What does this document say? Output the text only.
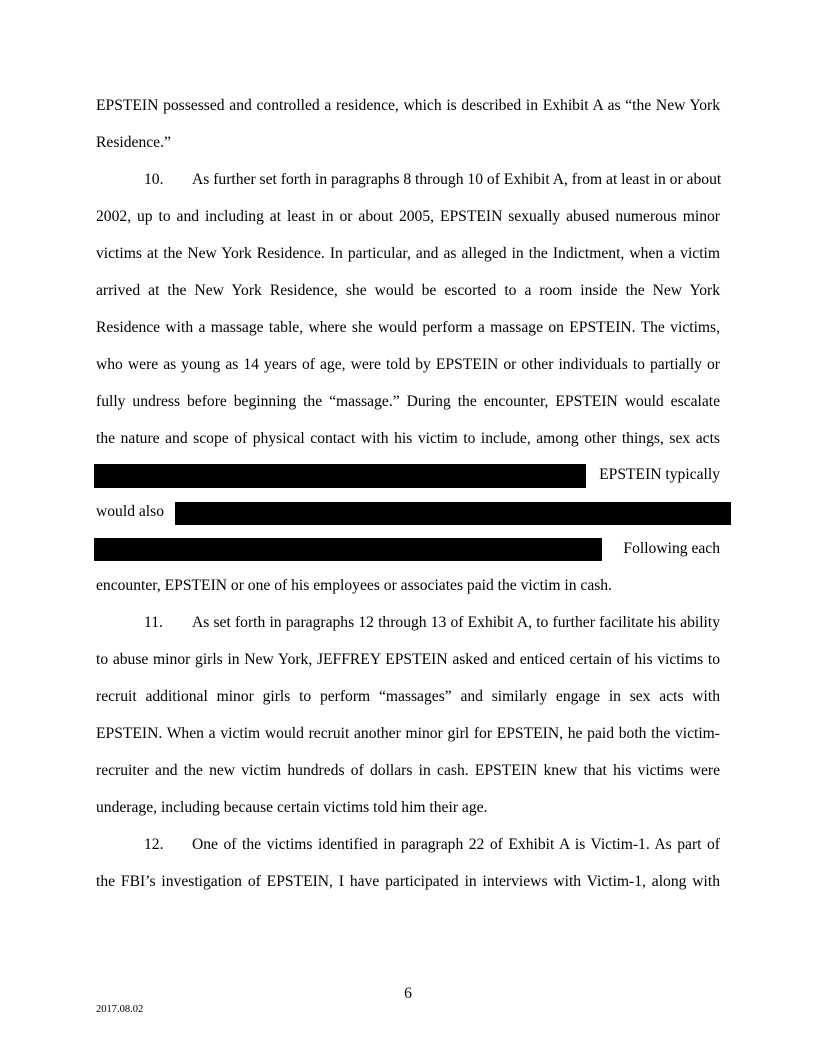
EPSTEIN possessed and controlled a residence, which is described in Exhibit A as “the New York
Residence.”
10.	As further set forth in paragraphs 8 through 10 of Exhibit A, from at least in or about
2002, up to and including at least in or about 2005, EPSTEIN sexually abused numerous minor
victims at the New York Residence. In particular, and as alleged in the Indictment, when a victim
arrived at the New York Residence, she would be escorted to a room inside the New York
Residence with a massage table, where she would perform a massage on EPSTEIN. The victims,
who were as young as 14 years of age, were told by EPSTEIN or other individuals to partially or
fully undress before beginning the “massage.” During the encounter, EPSTEIN would escalate
the nature and scope of physical contact with his victim to include, among other things, sex acts
EPSTEIN typically
would also
Following each
encounter, EPSTEIN or one of his employees or associates paid the victim in cash.
11.	As set forth in paragraphs 12 through 13 of Exhibit A, to further facilitate his ability
to abuse minor girls in New York, JEFFREY EPSTEIN asked and enticed certain of his victims to
recruit additional minor girls to perform “massages” and similarly engage in sex acts with
EPSTEIN. When a victim would recruit another minor girl for EPSTEIN, he paid both the victim-
recruiter and the new victim hundreds of dollars in cash. EPSTEIN knew that his victims were
underage, including because certain victims told him their age.
12.	One of the victims identified in paragraph 22 of Exhibit A is Victim-1. As part of
the FBI’s investigation of EPSTEIN, I have participated in interviews with Victim-1, along with
6
2017.08.02
